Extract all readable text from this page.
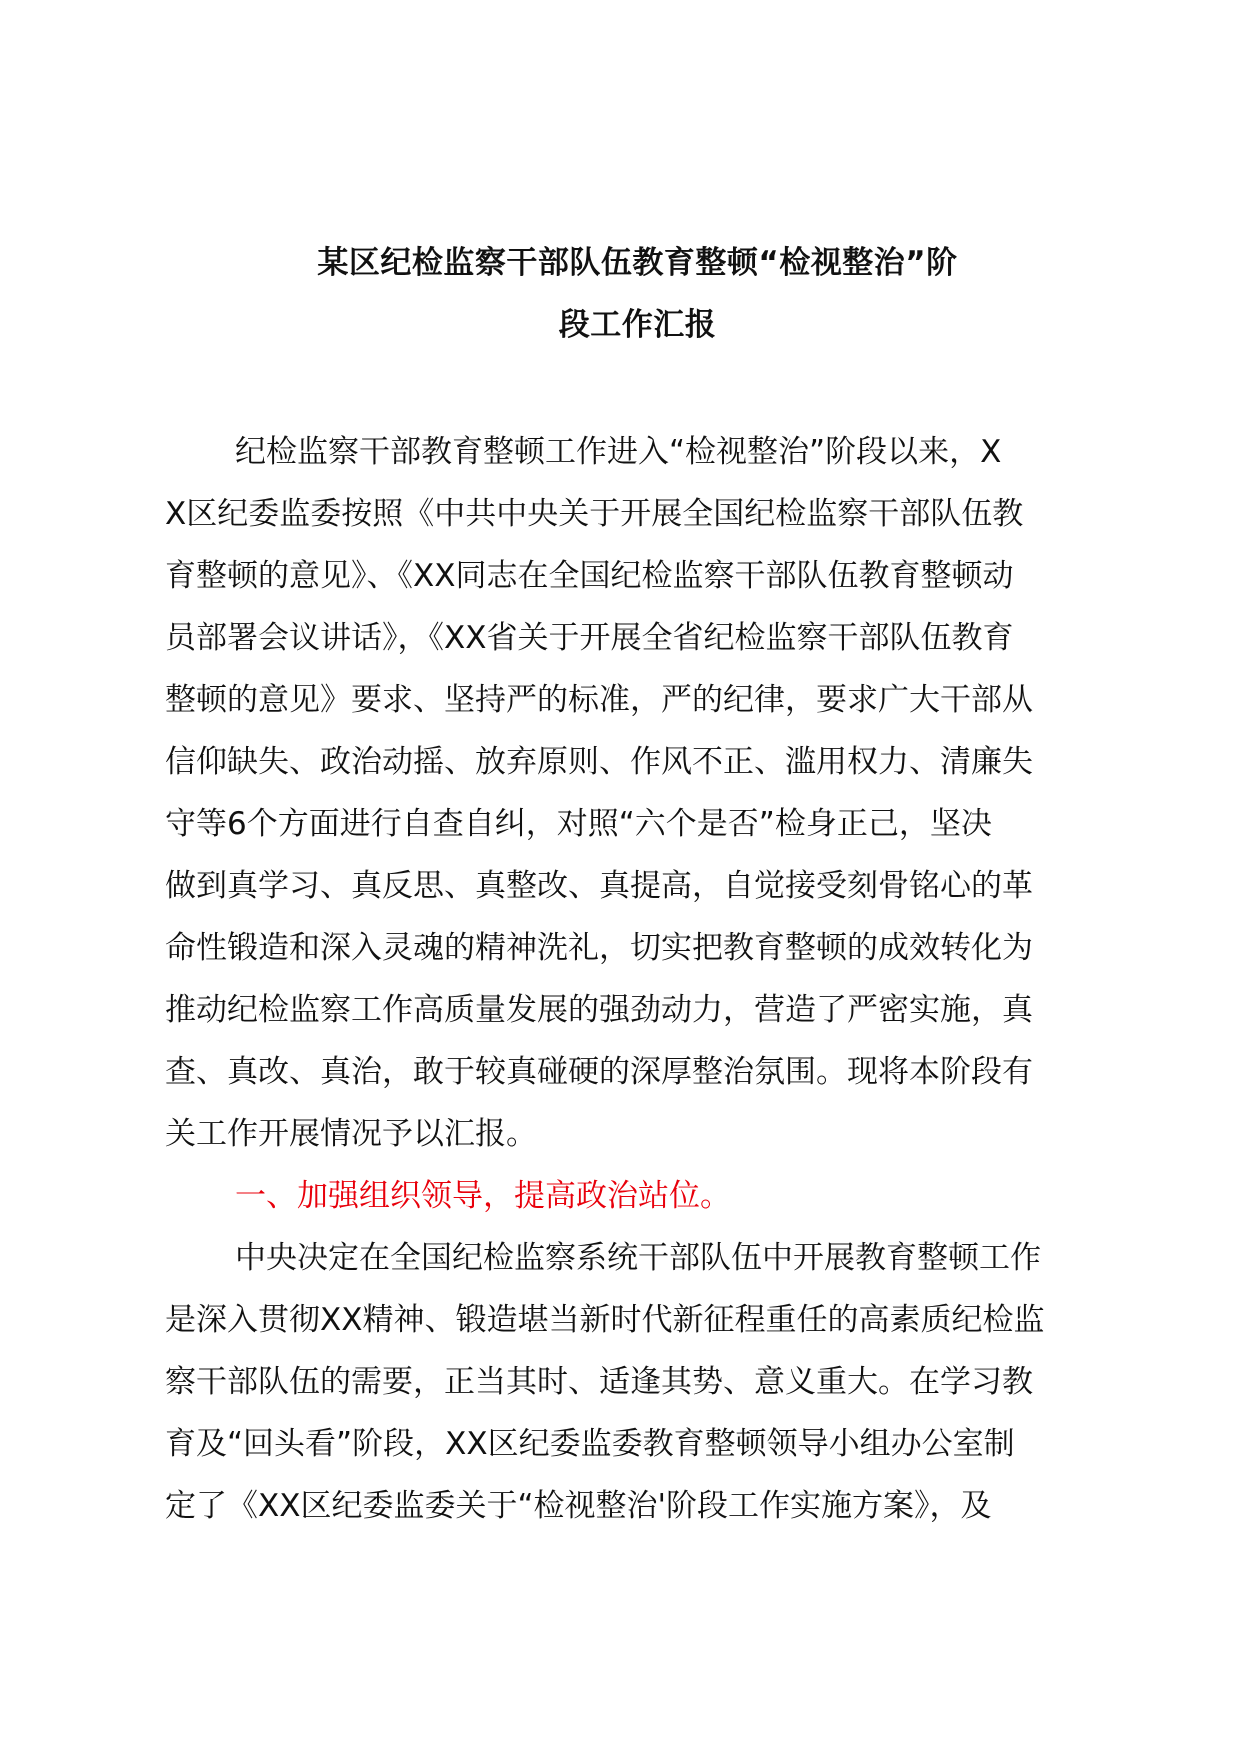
某区纪检监察干部队伍教育整顿“检视整治”阶
段工作汇报
纪检监察干部教育整顿工作进入“检视整治”阶段以来，X
X区纪委监委按照《中共中央关于开展全国纪检监察干部队伍教
育整顿的意见》、《XX同志在全国纪检监察干部队伍教育整顿动
员部署会议讲话》，《XX省关于开展全省纪检监察干部队伍教育
整顿的意见》要求、坚持严的标准，严的纪律，要求广大干部从
信仰缺失、政治动摇、放弃原则、作风不正、滥用权力、清廉失
守等6个方面进行自查自纠，对照“六个是否”检身正己，坚决
做到真学习、真反思、真整改、真提高，自觉接受刻骨铭心的革
命性锻造和深入灵魂的精神洗礼，切实把教育整顿的成效转化为
推动纪检监察工作高质量发展的强劲动力，营造了严密实施，真
查、真改、真治，敢于较真碰硬的深厚整治氛围。现将本阶段有
关工作开展情况予以汇报。
一、加强组织领导，提高政治站位。
中央决定在全国纪检监察系统干部队伍中开展教育整顿工作
是深入贯彻XX精神、锻造堪当新时代新征程重任的高素质纪检监
察干部队伍的需要，正当其时、适逢其势、意义重大。在学习教
育及“回头看”阶段，XX区纪委监委教育整顿领导小组办公室制
定了《XX区纪委监委关于“检视整治'阶段工作实施方案》，及
